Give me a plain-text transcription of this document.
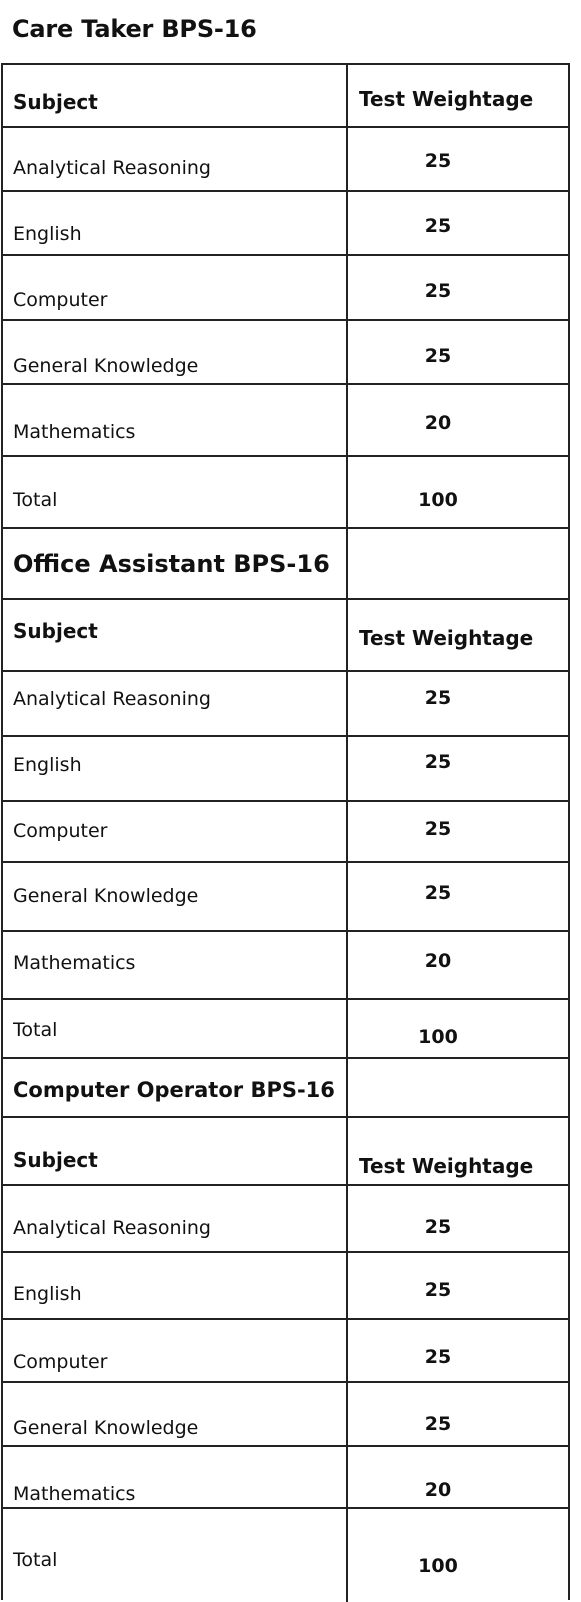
Care Taker BPS-16
Subject	Test Weightage
Analytical Reasoning	25
English	25
Computer	25
General Knowledge	25
Mathematics	20
Total	100
Office Assistant BPS-16
Subject	Test Weightage
Analytical Reasoning	25
English	25
Computer	25
General Knowledge	25
Mathematics	20
Total	100
Computer Operator BPS-16
Subject	Test Weightage
Analytical Reasoning	25
English	25
Computer	25
General Knowledge	25
Mathematics	20
Total	100
